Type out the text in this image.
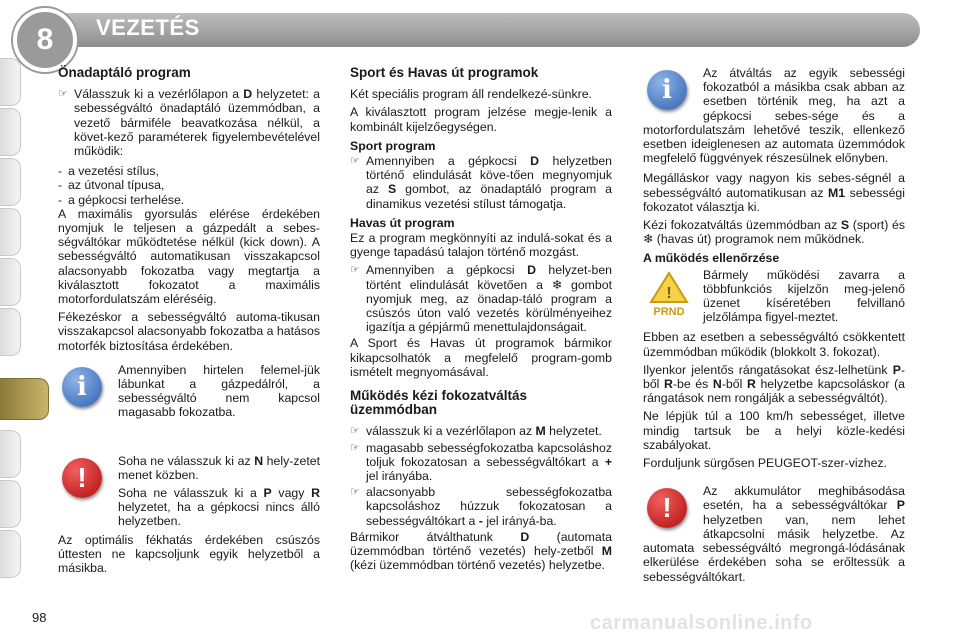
8	VEZETÉS
Önadaptáló program
☞ Válasszuk ki a vezérlőlapon a D helyzetet: a sebességváltó önadaptáló üzemmódban, a vezető bármiféle beavatkozása nélkül, a követ-kező paraméterek figyelembevételével működik:
- a vezetési stílus,
- az útvonal típusa,
- a gépkocsi terhelése.

A maximális gyorsulás elérése érdekében nyomjuk le teljesen a gázpedált a sebes-ségváltókar működtetése nélkül (kick down). A sebességváltó automatikusan visszakapcsol alacsonyabb fokozatba vagy megtartja a kiválasztott fokozatot a maximális motorfordulatszám eléréséig.

Fékezéskor a sebességváltó automa-tikusan visszakapcsol alacsonyabb fokozatba a hatásos motorfék biztosítása érdekében.

i

Amennyiben hirtelen felemel-jük lábunkat a gázpedálról, a sebességváltó nem kapcsol magasabb fokozatba.

!

Soha ne válasszuk ki az N hely-zetet menet közben.

Soha ne válasszuk ki a P vagy R helyzetet, ha a gépkocsi nincs álló helyzetben.

Az optimális fékhatás érdekében csúszós úttesten ne kapcsoljunk egyik helyzetből a másikba.

Sport és Havas út programok

Két speciális program áll rendelkezé-sünkre.

A kiválasztott program jelzése megje-lenik a kombinált kijelzőegységen.

Sport program
☞ Amennyiben a gépkocsi D helyzetben történő elindulását köve-tően megnyomjuk az S gombot, az önadaptáló program a dinamikus vezetési stílust támogatja.
Havas út program

Ez a program megkönnyíti az indulá-sokat és a gyenge tapadású talajon történő mozgást.

☞ Amennyiben a gépkocsi D helyzet-ben történt elindulását követően a ❄ gombot nyomjuk meg, az önadap-táló program a csúszós úton való vezetés körülményeihez igazítja a gépjármű menettulajdonságait.

A Sport és Havas út programok bármikor kikapcsolhatók a megfelelő program-gomb ismételt megnyomásával.

Működés kézi fokozatváltás üzemmódban
☞ válasszuk ki a vezérlőlapon az M helyzetet.
☞ magasabb sebességfokozatba kapcsoláshoz toljuk fokozatosan a sebességváltókart a + jel irányába.
☞ alacsonyabb sebességfokozatba kapcsoláshoz húzzuk fokozatosan a sebességváltókart a - jel irányá-ba.

Bármikor átválthatunk D (automata üzemmódban történő vezetés) hely-zetből M (kézi üzemmódban történő vezetés) helyzetbe.

i

Az átváltás az egyik sebességi fokozatból a másikba csak abban az esetben történik meg, ha azt a gépkocsi sebes-sége és a motorfordulatszám lehetővé teszik, ellenkező esetben ideiglenesen az automata üzemmódok megfelelő függvények részesülnek előnyben.

Megálláskor vagy nagyon kis sebes-ségnél a sebességváltó automatikusan az M1 sebességi fokozatot választja ki.

Kézi fokozatváltás üzemmódban az S (sport) és ❄ (havas út) programok nem működnek.

A működés ellenőrzése
!
PRND

Bármely működési zavarra a többfunkciós kijelzőn meg-jelenő üzenet kíséretében felvillanó jelzőlámpa figyel-meztet.

Ebben az esetben a sebességváltó csökkentett üzemmódban működik (blokkolt 3. fokozat).

Ilyenkor jelentős rángatásokat ész-lelhetünk P-ből R-be és N-ből R helyzetbe kapcsoláskor (a rángatások nem rongálják a sebességváltót).

Ne lépjük túl a 100 km/h sebességet, illetve mindig tartsuk be a helyi közle-kedési szabályokat.

Forduljunk sürgősen PEUGEOT-szer-vizhez.

!

Az akkumulátor meghibásodása esetén, ha a sebességváltókar P helyzetben van, nem lehet átkapcsolni másik helyzetbe. Az automata sebességváltó megrongá-lódásának elkerülése érdekében soha se erőltessük a sebességváltókart.

98	carmanualsonline.info
